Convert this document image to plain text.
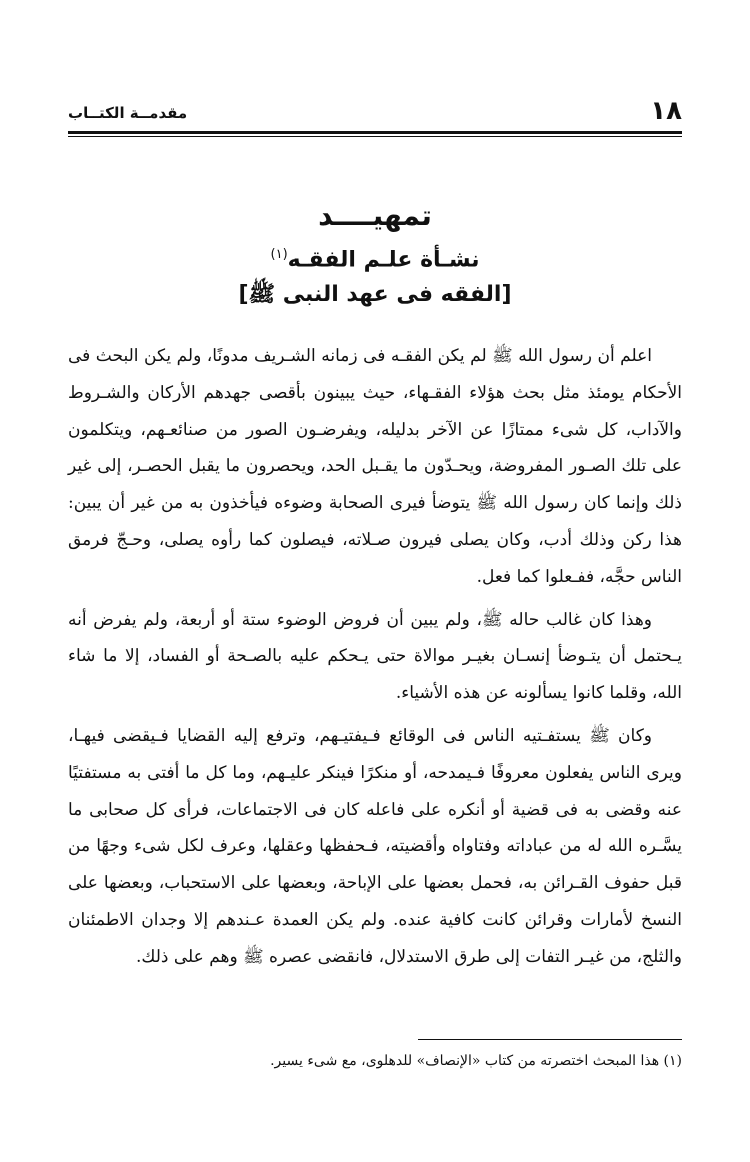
١٨
مقدمــة الكتــاب
تمهيــــد
نشـأة علـم الفقـه$^{(١)}$
[الفقه فى عهد النبى ﷺ]

اعلم أن رسول الله ﷺ لم يكن الفقـه فى زمانه الشـريف مدونًا، ولم يكن البحث فى الأحكام يومئذ مثل بحث هؤلاء الفقـهاء، حيث يبينون بأقصى جهدهم الأركان والشـروط والآداب، كل شىء ممتازًا عن الآخر بدليله، ويفرضـون الصور من صنائعـهم، ويتكلمون على تلك الصـور المفروضة، ويحـدّون ما يقـبل الحد، ويحصرون ما يقبل الحصـر، إلى غير ذلك وإنما كان رسول الله ﷺ يتوضأ فيرى الصحابة وضوءه فيأخذون به من غير أن يبين: هذا ركن وذلك أدب، وكان يصلى فيرون صـلاته، فيصلون كما رأوه يصلى، وحـجّ فرمق الناس حجَّه، ففـعلوا كما فعل.

وهذا كان غالب حاله ﷺ، ولم يبين أن فروض الوضوء ستة أو أربعة، ولم يفرض أنه يـحتمل أن يتـوضأ إنسـان بغيـر موالاة حتى يـحكم عليه بالصـحة أو الفساد، إلا ما شاء الله، وقلما كانوا يسألونه عن هذه الأشياء.

وكان ﷺ يستفـتيه الناس فى الوقائع فـيفتيـهم، وترفع إليه القضايا فـيقضى فيهـا، ويرى الناس يفعلون معروفًا فـيمدحه، أو منكرًا فينكر عليـهم، وما كل ما أفتى به مستفتيًا عنه وقضى به فى قضية أو أنكره على فاعله كان فى الاجتماعات، فرأى كل صحابى ما يسَّـره الله له من عباداته وفتاواه وأقضيته، فـحفظها وعقلها، وعرف لكل شىء وجهًا من قبل حفوف القـرائن به، فحمل بعضها على الإباحة، وبعضها على الاستحباب، وبعضها على النسخ لأمارات وقرائن كانت كافية عنده. ولم يكن العمدة عـندهم إلا وجدان الاطمئنان والثلج، من غيـر التفات إلى طرق الاستدلال، فانقضى عصره ﷺ وهم على ذلك.

(١) هذا المبحث اختصرته من كتاب «الإنصاف» للدهلوى، مع شىء يسير.
